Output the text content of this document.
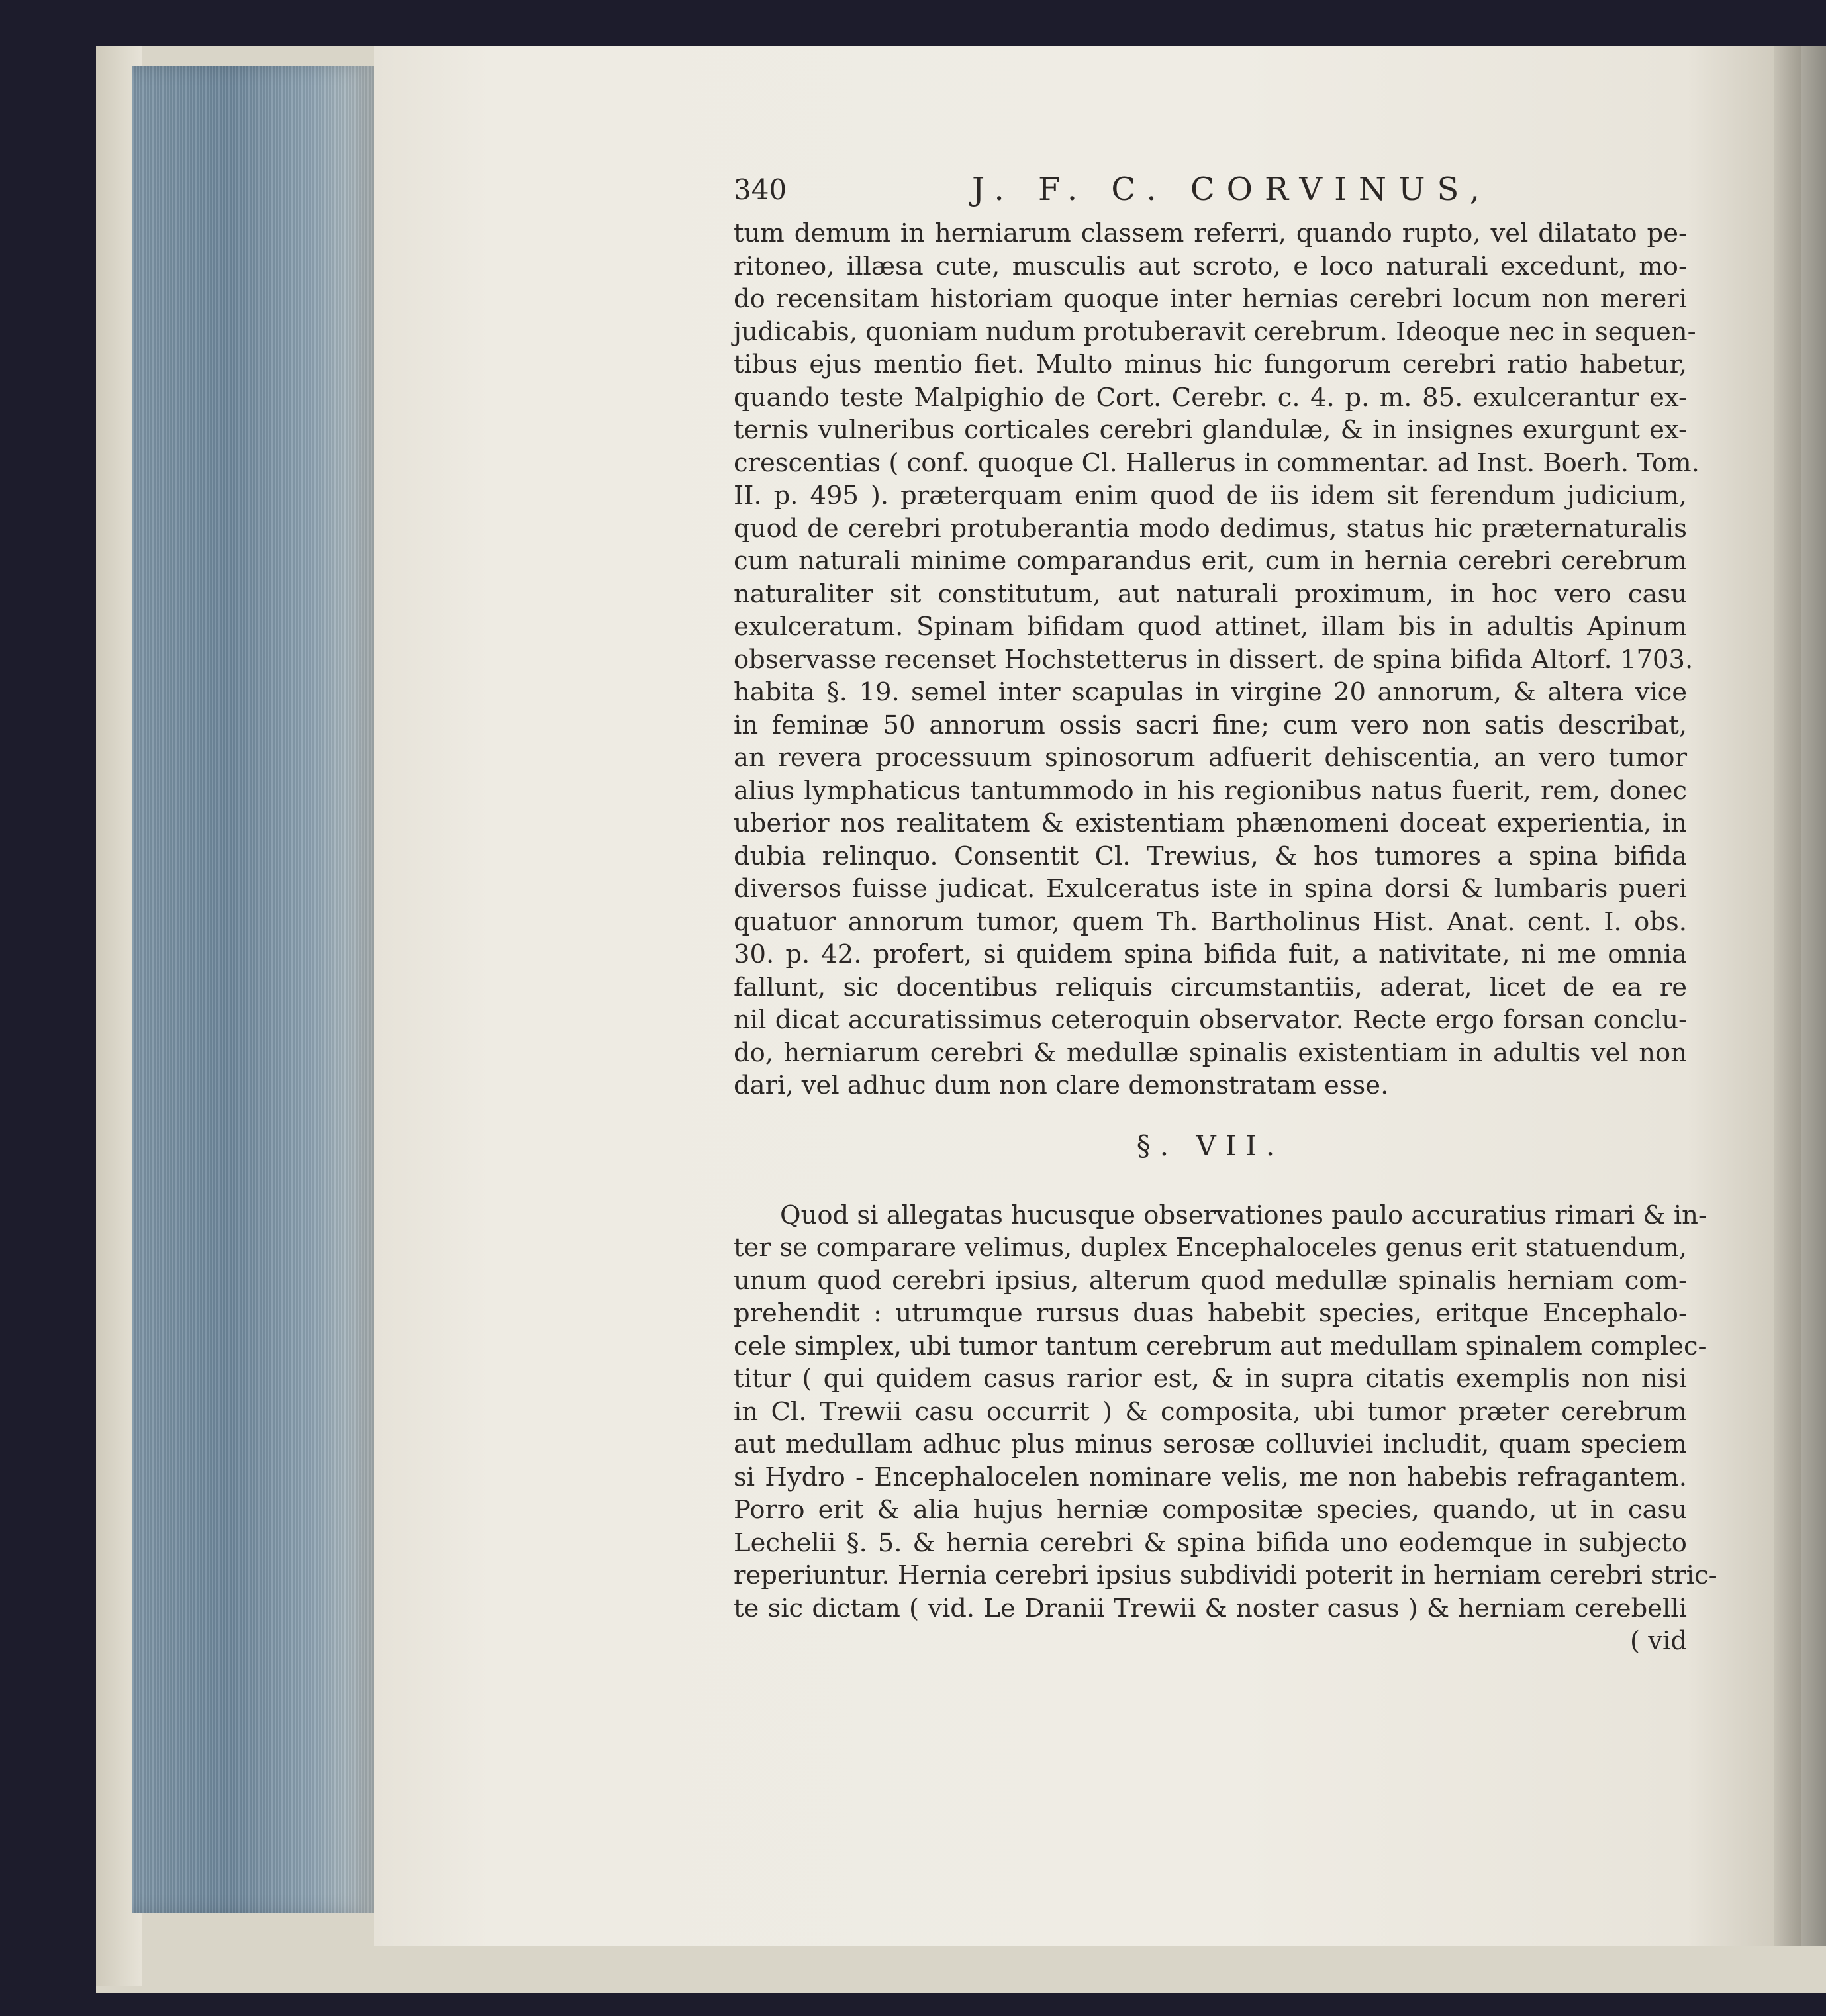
340	J. F. C. CORVINUS,
tum demum in herniarum classem referri, quando rupto, vel dilatato pe-
ritoneo, illæsa cute, musculis aut scroto, e loco naturali excedunt, mo-
do recensitam historiam quoque inter hernias cerebri locum non mereri
judicabis, quoniam nudum protuberavit cerebrum. Ideoque nec in sequen-
tibus ejus mentio fiet. Multo minus hic fungorum cerebri ratio habetur,
quando teste Malpighio de Cort. Cerebr. c. 4. p. m. 85. exulcerantur ex-
ternis vulneribus corticales cerebri glandulæ, & in insignes exurgunt ex-
crescentias ( conf. quoque Cl. Hallerus in commentar. ad Inst. Boerh. Tom.
II. p. 495 ). præterquam enim quod de iis idem sit ferendum judicium,
quod de cerebri protuberantia modo dedimus, status hic præternaturalis
cum naturali minime comparandus erit, cum in hernia cerebri cerebrum
naturaliter sit constitutum, aut naturali proximum, in hoc vero casu
exulceratum. Spinam bifidam quod attinet, illam bis in adultis Apinum
observasse recenset Hochstetterus in dissert. de spina bifida Altorf. 1703.
habita §. 19. semel inter scapulas in virgine 20 annorum, & altera vice
in feminæ 50 annorum ossis sacri fine; cum vero non satis describat,
an revera processuum spinosorum adfuerit dehiscentia, an vero tumor
alius lymphaticus tantummodo in his regionibus natus fuerit, rem, donec
uberior nos realitatem & existentiam phænomeni doceat experientia, in
dubia relinquo. Consentit Cl. Trewius, & hos tumores a spina bifida
diversos fuisse judicat. Exulceratus iste in spina dorsi & lumbaris pueri
quatuor annorum tumor, quem Th. Bartholinus Hist. Anat. cent. I. obs.
30. p. 42. profert, si quidem spina bifida fuit, a nativitate, ni me omnia
fallunt, sic docentibus reliquis circumstantiis, aderat, licet de ea re
nil dicat accuratissimus ceteroquin observator. Recte ergo forsan conclu-
do, herniarum cerebri & medullæ spinalis existentiam in adultis vel non
dari, vel adhuc dum non clare demonstratam esse.
§. VII.
Quod si allegatas hucusque observationes paulo accuratius rimari & in-
ter se comparare velimus, duplex Encephaloceles genus erit statuendum,
unum quod cerebri ipsius, alterum quod medullæ spinalis herniam com-
prehendit : utrumque rursus duas habebit species, eritque Encephalo-
cele simplex, ubi tumor tantum cerebrum aut medullam spinalem complec-
titur ( qui quidem casus rarior est, & in supra citatis exemplis non nisi
in Cl. Trewii casu occurrit ) & composita, ubi tumor præter cerebrum
aut medullam adhuc plus minus serosæ colluviei includit, quam speciem
si Hydro - Encephalocelen nominare velis, me non habebis refragantem.
Porro erit & alia hujus herniæ compositæ species, quando, ut in casu
Lechelii §. 5. & hernia cerebri & spina bifida uno eodemque in subjecto
reperiuntur. Hernia cerebri ipsius subdividi poterit in herniam cerebri stric-
te sic dictam ( vid. Le Dranii Trewii & noster casus ) & herniam cerebelli
( vid
